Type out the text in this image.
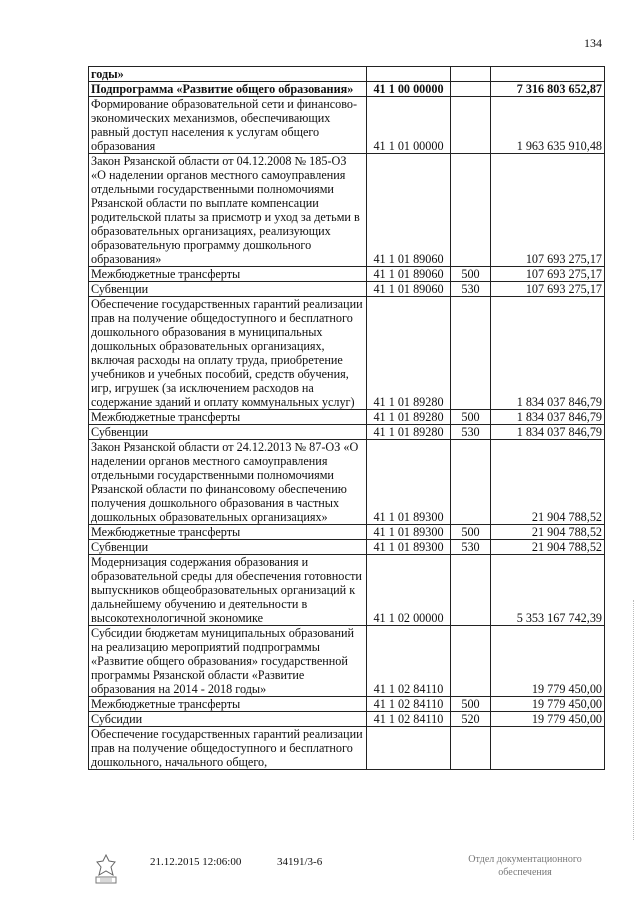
134
годы»			
Подпрограмма «Развитие общего образования»	41 1 00 00000		7 316 803 652,87
Формирование образовательной сети и финансово-экономических механизмов, обеспечивающих равный доступ населения к услугам общего образования	41 1 01 00000		1 963 635 910,48
Закон Рязанской области от 04.12.2008 № 185-ОЗ «О наделении органов местного самоуправления отдельными государственными полномочиями Рязанской области по выплате компенсации родительской платы за присмотр и уход за детьми в образовательных организациях, реализующих образовательную программу дошкольного образования»	41 1 01 89060		107 693 275,17
Межбюджетные трансферты	41 1 01 89060	500	107 693 275,17
Субвенции	41 1 01 89060	530	107 693 275,17
Обеспечение государственных гарантий реализации прав на получение общедоступного и бесплатного дошкольного образования в муниципальных дошкольных образовательных организациях, включая расходы на оплату труда, приобретение учебников и учебных пособий, средств обучения, игр, игрушек (за исключением расходов на содержание зданий и оплату коммунальных услуг)	41 1 01 89280		1 834 037 846,79
Межбюджетные трансферты	41 1 01 89280	500	1 834 037 846,79
Субвенции	41 1 01 89280	530	1 834 037 846,79
Закон Рязанской области от 24.12.2013 № 87-ОЗ «О наделении органов местного самоуправления отдельными государственными полномочиями Рязанской области по финансовому обеспечению получения дошкольного образования в частных дошкольных образовательных организациях»	41 1 01 89300		21 904 788,52
Межбюджетные трансферты	41 1 01 89300	500	21 904 788,52
Субвенции	41 1 01 89300	530	21 904 788,52
Модернизация содержания образования и образовательной среды для обеспечения готовности выпускников общеобразовательных организаций к дальнейшему обучению и деятельности в высокотехнологичной экономике	41 1 02 00000		5 353 167 742,39
Субсидии бюджетам муниципальных образований на реализацию мероприятий подпрограммы «Развитие общего образования» государственной программы Рязанской области «Развитие образования на 2014 - 2018 годы»	41 1 02 84110		19 779 450,00
Межбюджетные трансферты	41 1 02 84110	500	19 779 450,00
Субсидии	41 1 02 84110	520	19 779 450,00
Обеспечение государственных гарантий реализации прав на получение общедоступного и бесплатного дошкольного, начального общего,			
21.12.2015 12:06:00	34191/3-6	Отдел документационного
обеспечения
